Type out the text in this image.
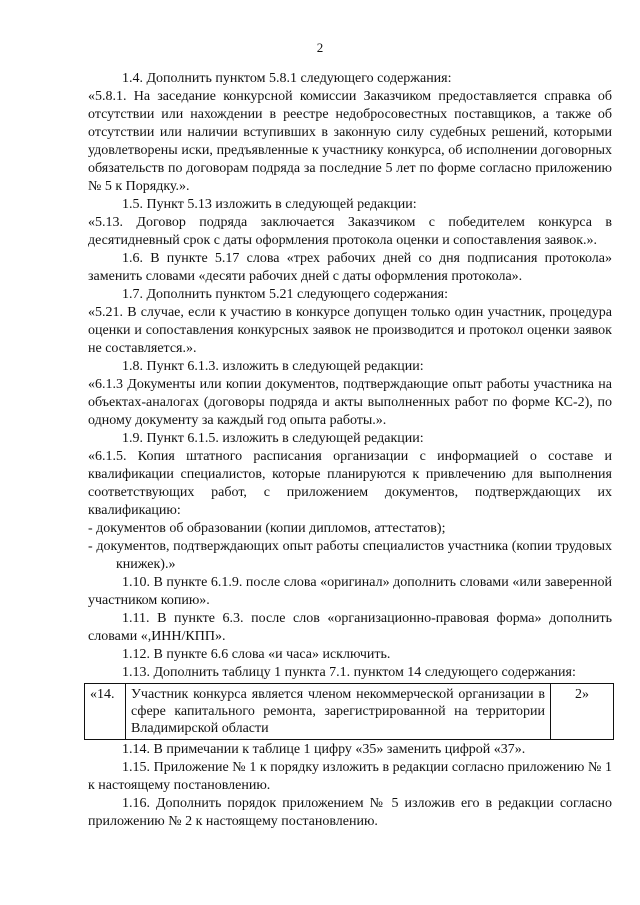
2

1.4. Дополнить пунктом 5.8.1 следующего содержания:

«5.8.1. На заседание конкурсной комиссии Заказчиком предоставляется справка об отсутствии или нахождении в реестре недобросовестных поставщиков, а также об отсутствии или наличии вступивших в законную силу судебных решений, которыми удовлетворены иски, предъявленные к участнику конкурса, об исполнении договорных обязательств по договорам подряда за последние 5 лет по форме согласно приложению № 5 к Порядку.».

1.5. Пункт 5.13 изложить в следующей редакции:

«5.13. Договор подряда заключается Заказчиком с победителем конкурса в десятидневный срок с даты оформления протокола оценки и сопоставления заявок.».

1.6. В пункте 5.17 слова «трех рабочих дней со дня подписания протокола» заменить словами «десяти рабочих дней с даты оформления протокола».

1.7. Дополнить пунктом 5.21 следующего содержания:

«5.21. В случае, если к участию в конкурсе допущен только один участник, процедура оценки и сопоставления конкурсных заявок не производится и протокол оценки заявок не составляется.».

1.8. Пункт 6.1.3. изложить в следующей редакции:

«6.1.3 Документы или копии документов, подтверждающие опыт работы участника на объектах-аналогах (договоры подряда и акты выполненных работ по форме КС-2), по одному документу за каждый год опыта работы.».

1.9. Пункт 6.1.5. изложить в следующей редакции:

«6.1.5. Копия штатного расписания организации с информацией о составе и квалификации специалистов, которые планируются к привлечению для выполнения соответствующих работ, с приложением документов, подтверждающих их квалификацию:

- документов об образовании (копии дипломов, аттестатов);

- документов, подтверждающих опыт работы специалистов участника (копии трудовых книжек).»

1.10. В пункте 6.1.9. после слова «оригинал» дополнить словами «или заверенной участником копию».

1.11. В пункте 6.3. после слов «организационно-правовая форма» дополнить словами «,ИНН/КПП».

1.12. В пункте 6.6 слова «и часа» исключить.

1.13. Дополнить таблицу 1 пункта 7.1. пунктом 14 следующего содержания:

«14.	Участник конкурса является членом некоммерческой организации в сфере капитального ремонта, зарегистрированной на территории Владимирской области	2»

1.14. В примечании к таблице 1 цифру «35» заменить цифрой «37».

1.15. Приложение № 1 к порядку изложить в редакции согласно приложению № 1 к настоящему постановлению.

1.16. Дополнить порядок приложением № 5 изложив его в редакции согласно приложению № 2 к настоящему постановлению.
